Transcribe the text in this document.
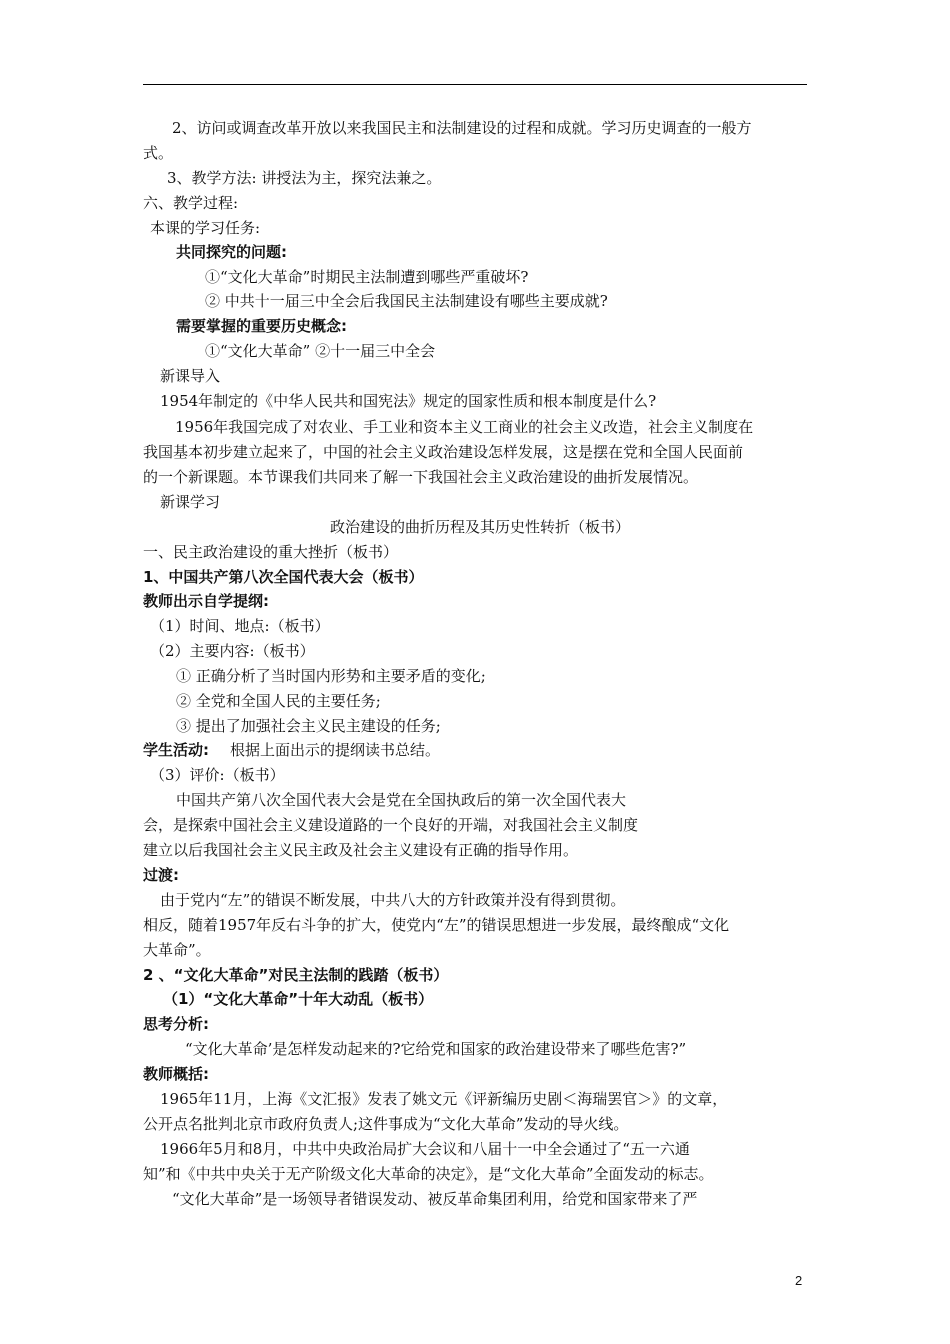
2、访问或调查改革开放以来我国民主和法制建设的过程和成就。学习历史调查的一般方
式。
3、教学方法: 讲授法为主，探究法兼之。
六、教学过程:
本课的学习任务:
共同探究的问题:
①“文化大革命”时期民主法制遭到哪些严重破坏?
② 中共十一届三中全会后我国民主法制建设有哪些主要成就?
需要掌握的重要历史概念:
①“文化大革命” ②十一届三中全会
新课导入
1954年制定的《中华人民共和国宪法》规定的国家性质和根本制度是什么?
1956年我国完成了对农业、手工业和资本主义工商业的社会主义改造，社会主义制度在
我国基本初步建立起来了，中国的社会主义政治建设怎样发展，这是摆在党和全国人民面前
的一个新课题。本节课我们共同来了解一下我国社会主义政治建设的曲折发展情况。
新课学习
政治建设的曲折历程及其历史性转折（板书）
一、民主政治建设的重大挫折（板书）
1、中国共产第八次全国代表大会（板书）
教师出示自学提纲:
（1）时间、地点:（板书）
（2）主要内容:（板书）
① 正确分析了当时国内形势和主要矛盾的变化;
② 全党和全国人民的主要任务;
③ 提出了加强社会主义民主建设的任务;
学生活动: 根据上面出示的提纲读书总结。
（3）评价:（板书）
中国共产第八次全国代表大会是党在全国执政后的第一次全国代表大
会，是探索中国社会主义建设道路的一个良好的开端，对我国社会主义制度
建立以后我国社会主义民主政及社会主义建设有正确的指导作用。
过渡:
由于党内“左”的错误不断发展，中共八大的方针政策并没有得到贯彻。
相反，随着1957年反右斗争的扩大，使党内“左”的错误思想进一步发展，最终酿成“文化
大革命”。
2 、“文化大革命”对民主法制的践踏（板书）
（1）“文化大革命”十年大动乱（板书）
思考分析:
“文化大革命’是怎样发动起来的?它给党和国家的政治建设带来了哪些危害?”
教师概括:
1965年11月，上海《文汇报》发表了姚文元《评新编历史剧＜海瑞罢官＞》的文章，
公开点名批判北京市政府负责人;这件事成为“文化大革命”发动的导火线。
1966年5月和8月，中共中央政治局扩大会议和八届十一中全会通过了“五一六通
知”和《中共中央关于无产阶级文化大革命的决定》，是“文化大革命”全面发动的标志。
“文化大革命”是一场领导者错误发动、被反革命集团利用，给党和国家带来了严
2
